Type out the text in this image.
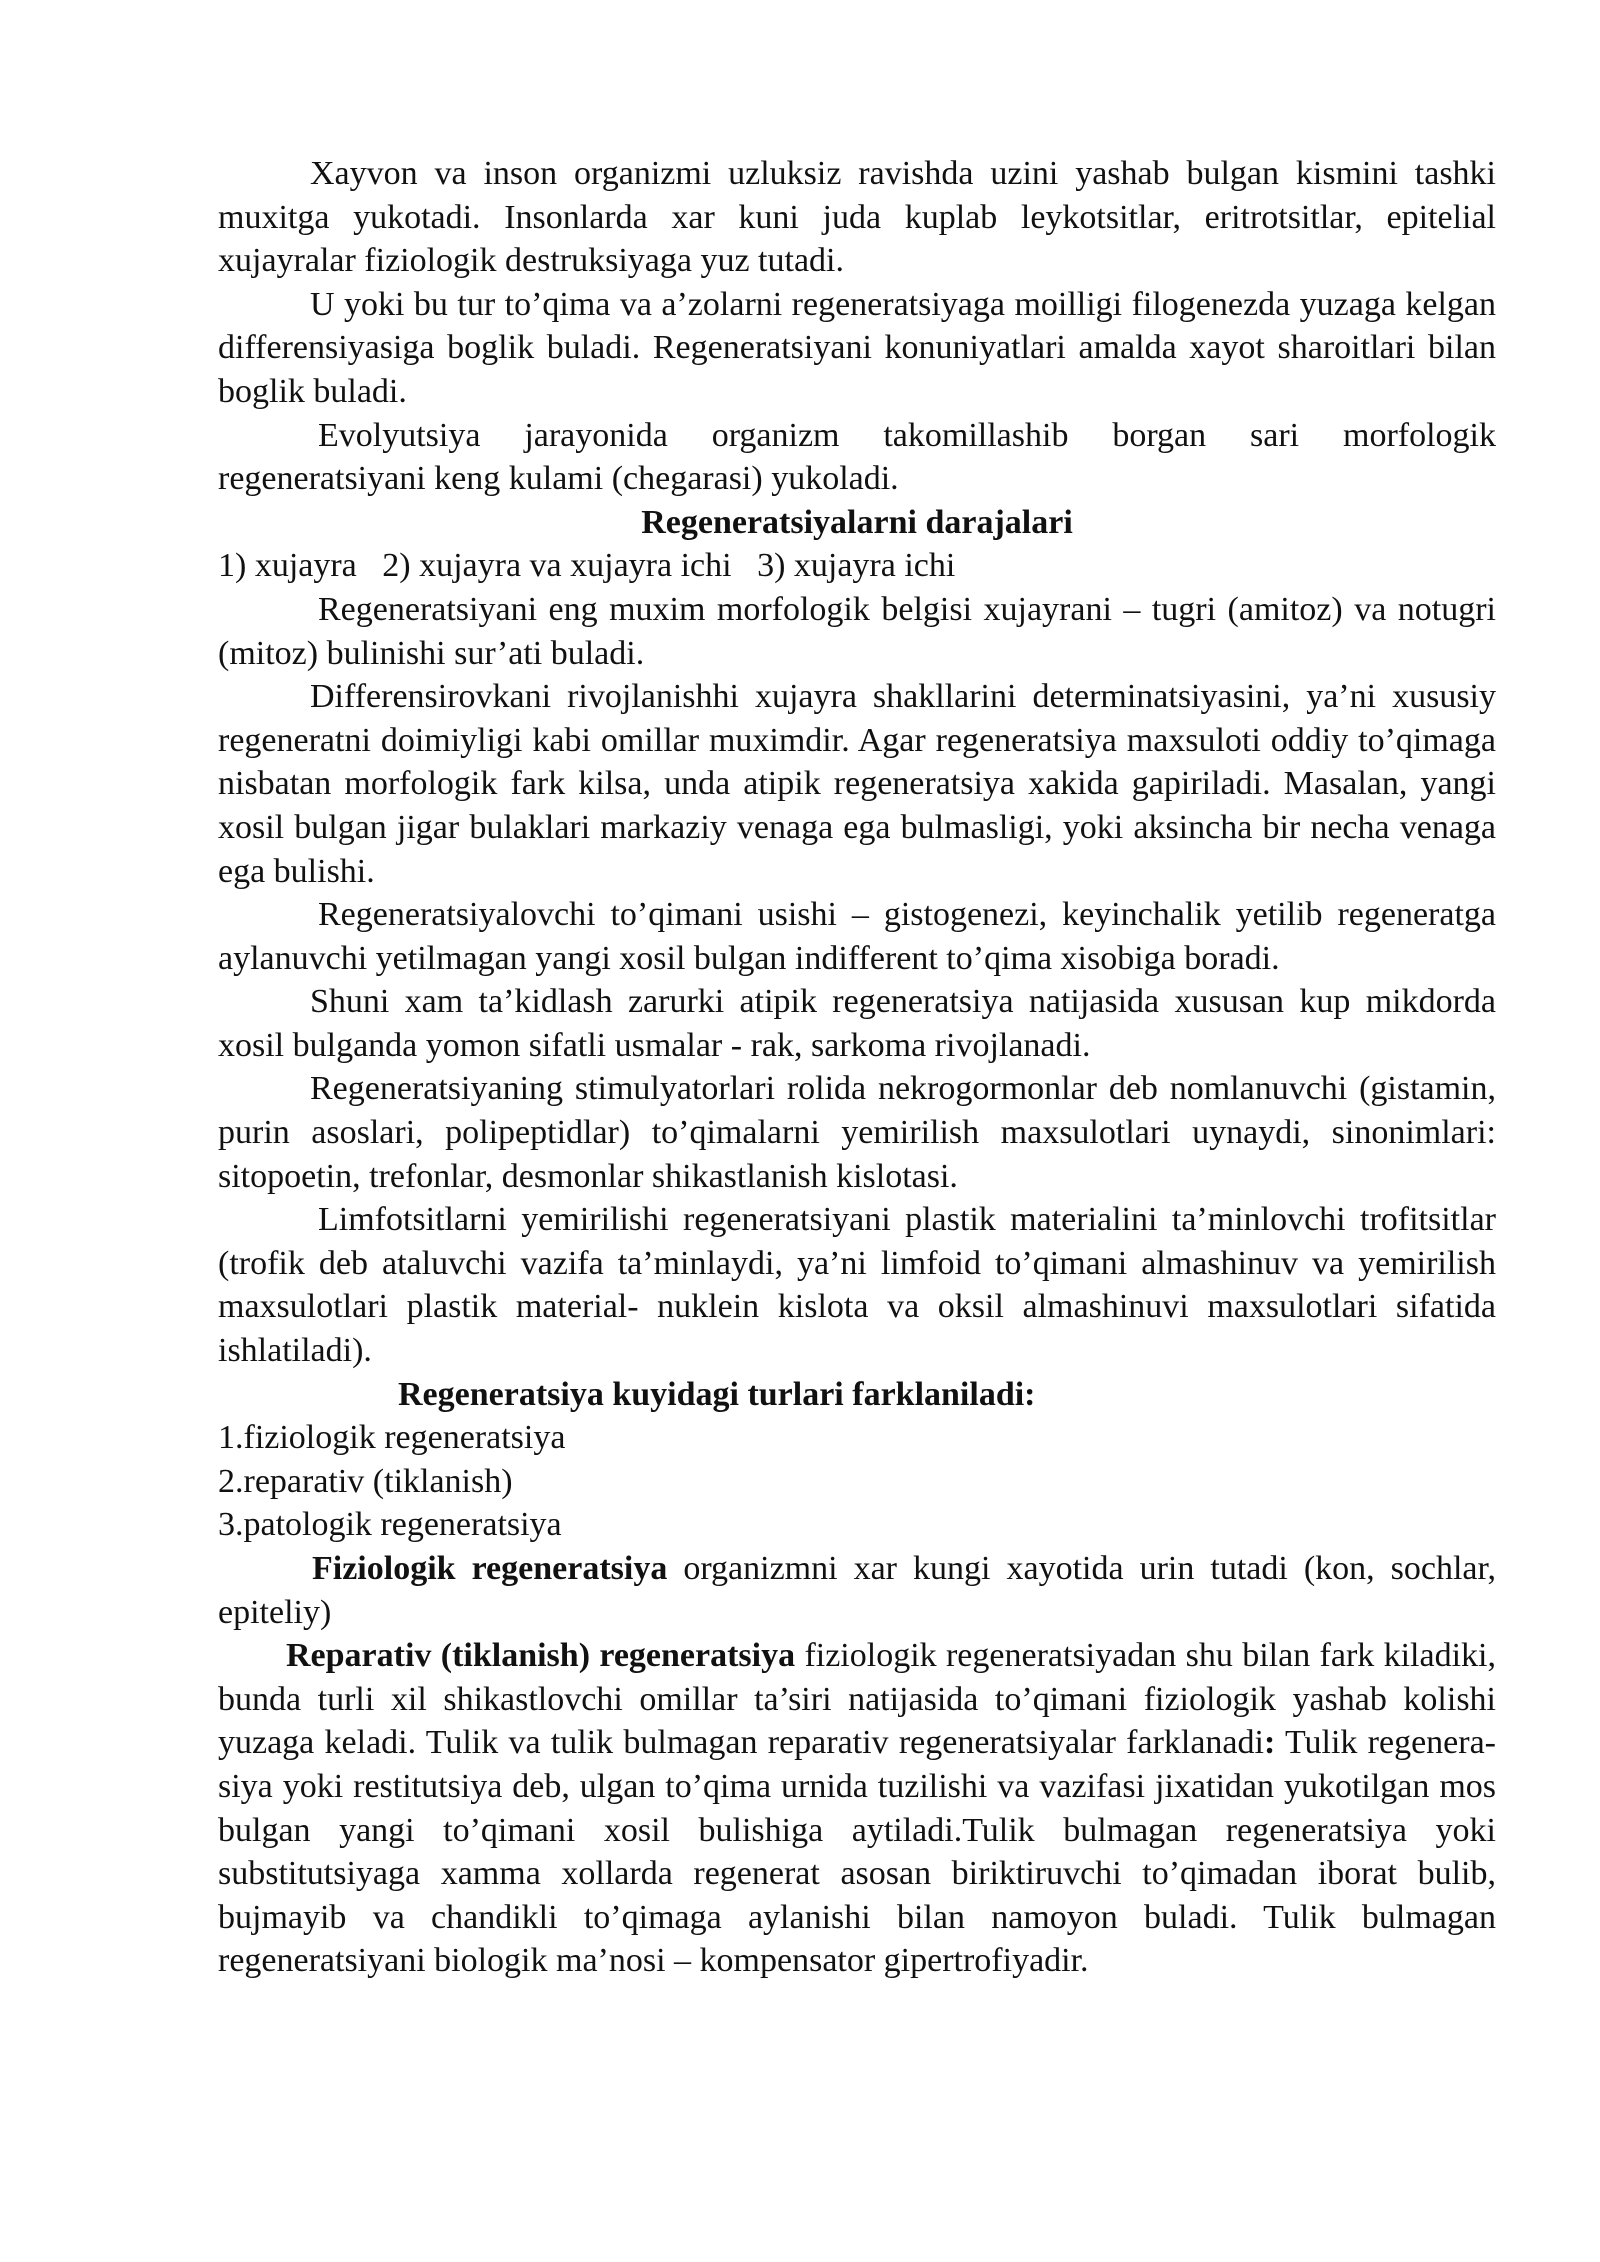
Xayvon va inson organizmi uzluksiz ravishda uzini yashab bulgan kismini tashki muxitga yukotadi. Insonlarda xar kuni juda kuplab leykotsitlar, eritrotsitlar, epitelial xujayralar fiziologik destruksiyaga yuz tutadi.

U yoki bu tur to’qima va a’zolarni regeneratsiyaga moilligi filogenezda yuzaga kelgan differensiyasiga boglik buladi. Regeneratsiyani konuniyatlari amalda xayot sharoitlari bilan boglik buladi.

Evolyutsiya jarayonida organizm takomillashib borgan sari morfologik regeneratsiyani keng kulami (chegarasi) yukoladi.

Regeneratsiyalarni darajalari

1) xujayra   2) xujayra va xujayra ichi   3) xujayra ichi

Regeneratsiyani eng muxim morfologik belgisi xujayrani – tugri (amitoz) va notugri (mitoz) bulinishi sur’ati buladi.

Differensirovkani rivojlanishhi xujayra shakllarini determinatsiyasini, ya’ni xususiy regeneratni doimiyligi kabi omillar muximdir. Agar regeneratsiya maxsuloti oddiy to’qimaga nisbatan morfologik fark kilsa, unda atipik regeneratsiya xakida gapiriladi. Masalan, yangi xosil bulgan jigar bulaklari markaziy venaga ega bulmasligi, yoki aksincha bir necha venaga ega bulishi.

Regeneratsiyalovchi to’qimani usishi – gistogenezi, keyinchalik yetilib regeneratga aylanuvchi yetilmagan yangi xosil bulgan indifferent to’qima xisobiga boradi.

Shuni xam ta’kidlash zarurki atipik regeneratsiya natijasida xususan kup mikdorda xosil bulganda yomon sifatli usmalar - rak, sarkoma rivojlanadi.

Regeneratsiyaning stimulyatorlari rolida nekrogormonlar deb nomlanuvchi (gistamin, purin asoslari, polipeptidlar) to’qimalarni yemirilish maxsulotlari uynaydi, sinonimlari: sitopoetin, trefonlar, desmonlar shikastlanish kislotasi.

Limfotsitlarni yemirilishi regeneratsiyani plastik materialini ta’minlovchi trofitsitlar (trofik deb ataluvchi vazifa ta’minlaydi, ya’ni limfoid to’qimani almashinuv va yemirilish maxsulotlari plastik material- nuklein kislota va oksil almashinuvi maxsulotlari sifatida ishlatiladi).

Regeneratsiya kuyidagi turlari farklaniladi:

1.fiziologik regeneratsiya

2.reparativ (tiklanish)

3.patologik regeneratsiya

Fiziologik regeneratsiya organizmni xar kungi xayotida urin tutadi (kon, sochlar, epiteliy)

Reparativ (tiklanish) regeneratsiya fiziologik regeneratsiyadan shu bilan fark kiladiki, bunda turli xil shikastlovchi omillar ta’siri natijasida to’qimani fiziologik yashab kolishi yuzaga keladi. Tulik va tulik bulmagan reparativ regeneratsiyalar farklanadi: Tulik regenera-siya yoki restitutsiya deb, ulgan to’qima urnida tuzilishi va vazifasi jixatidan yukotilgan mos bulgan yangi to’qimani xosil bulishiga aytiladi.Tulik bulmagan regeneratsiya yoki substitutsiyaga xamma xollarda regenerat asosan biriktiruvchi to’qimadan iborat bulib, bujmayib va chandikli to’qimaga aylanishi bilan namoyon buladi. Tulik bulmagan regeneratsiyani biologik ma’nosi – kompensator gipertrofiyadir.
